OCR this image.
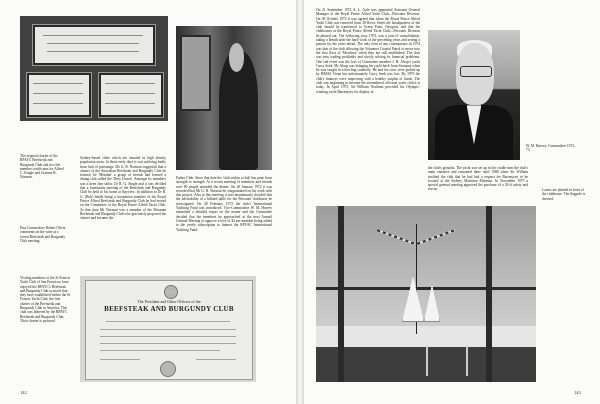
The original charter of the RPAYC Beefsteak and Burgundy Club and two life member certificates for Alfred C. Kingle and Graeme R. Norman.

Past Commodore Robert Oliver comments on the wine at a recent Beefsteak and Burgundy Club meeting.

Sydney-based clubs which are situated in high density population areas. In those early days it was suffering badly from lack of patronage. Mr G. R. Norman suggested that a charter of the Australian Beefsteak and Burgundy Club be formed, he 'Membar' a group of friends had formed a dining club called the 'Dirty Dozen'. Amongst its members was a keen fine sailor, Dr R. G. Single and it was decided that a foundation meeting of the Beefsteak and Burgundy Club be held at his home at Bayview. In addition to Dr R. G. (Bob) Smith being a foundation member of the Royal Prince Alfred Beefsteak and Burgundy Club he had served on the Committee of the Royal Prince Alfred Yacht Club. At that time Mr Norman was a member of the Mosman Beefsteak and Burgundy Club who graciously proposed the charter and became the

Father Club. Since that date the 'club within a club' has gone from strength to strength. At a recent meeting of members and friends over 80 people attended the dinner. On 20 January 1972 it was recorded that Mr G. R. Norman be congratulated on his work with this project. Also at this meeting it was unanimously decided that the advisability of a billiard table for the Pittwater clubhouse be investigated. On 28 February 1972 the club's International Yachting Fund was introduced. Vice-Commodore W. M. Harvey submitted a detailed report on the matter and the Committee decided that the members be approached at the next Annual General Meeting to approve a levy of $2 per member being added to the yearly subscription to finance the RPYAC International Yachting Fund.

Visiting members of the St Francis Yacht Club of San Francisco have enjoyed the RPAYC's Beefsteak and Burgundy Club so much that they have established within the St Francis Yacht Club, the first charter of the Beefsteak and Burgundy Club in America. This club was fathered by the RPAYC Beefsteak and Burgundy Club. Their charter is pictured.

The President and Other Officers of the
BEEFSTEAK AND BURGUNDY CLUB
142

On 21 September 1972 A. L. Gale was appointed Assistant General Manager of the Royal Prince Alfred Yacht Club—Pittwater Division. On 30 October 1972 it was agreed that when the Royal Prince Alfred Yacht Club was removed from 30 Rowe Street the headquarters of the club should be transferred to Green Point, Newport, and that the clubhouses at the Royal Prince Alfred Yacht Club—Pittwater Division be phased out. The following year, 1973, was a year of consolidation, taking a breath after the hard work of the preceding years and setting a pattern for the years ahead. The only item of any consequence in 1974 was that of the club allowing the Volunteer Coastal Patrol to move into the first floor of 'Mowbray' when they are still established. The club was now trading profitably and slowly solving its financial problems. One cad event was the loss of Committee member J. H. Alsop's yacht Curry Seek. Mr Alsop was bringing his yacht back from Swansea when he was caught in a howling southerly. He and his crew were picked up by HMAS Vivan but unfortunately Curry Seek was lost. By 1975 the club's finances were improving with a healthy surplus of funds. The club was beginning to become the streamlined, efficient yacht club it is today. In April 1975, Sir William Northam provided his Olympic-winning yacht Barrenjoey for display in

W. M. Harvey, Commodore 1972–73.

the club's grounds. The yacht was set up in her cradle near the club's main entrance and remained there until 1988 when Sir William notified the club that he had had a request for Barrenjoey to be located at the Sydney Maritime Museum. In November 1975 a special general meeting approved the purchase of a 20-ft safety and rescue	Lawns are planted in front of the clubhouse. The flagpole is dressed.

143
